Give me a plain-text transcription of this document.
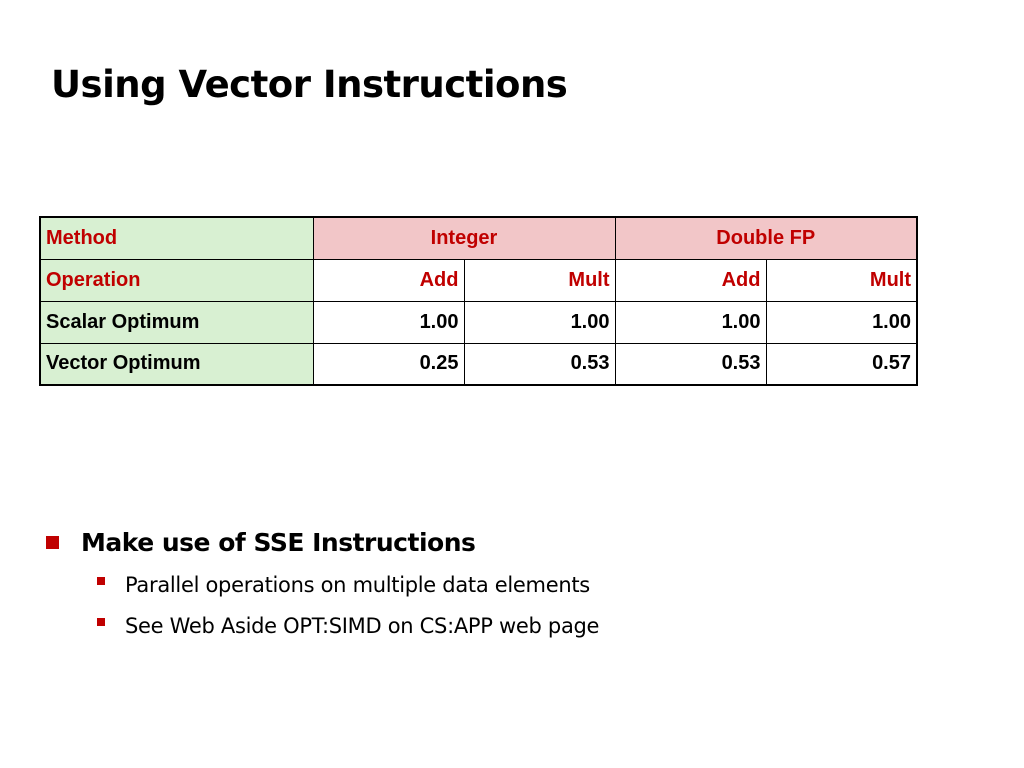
Using Vector Instructions
Method	Integer		Double FP	
Operation	Add	Mult	Add	Mult
Scalar Optimum	1.00	1.00	1.00	1.00
Vector Optimum	0.25	0.53	0.53	0.57
Make use of SSE Instructions
Parallel operations on multiple data elements
See Web Aside OPT:SIMD on CS:APP web page
